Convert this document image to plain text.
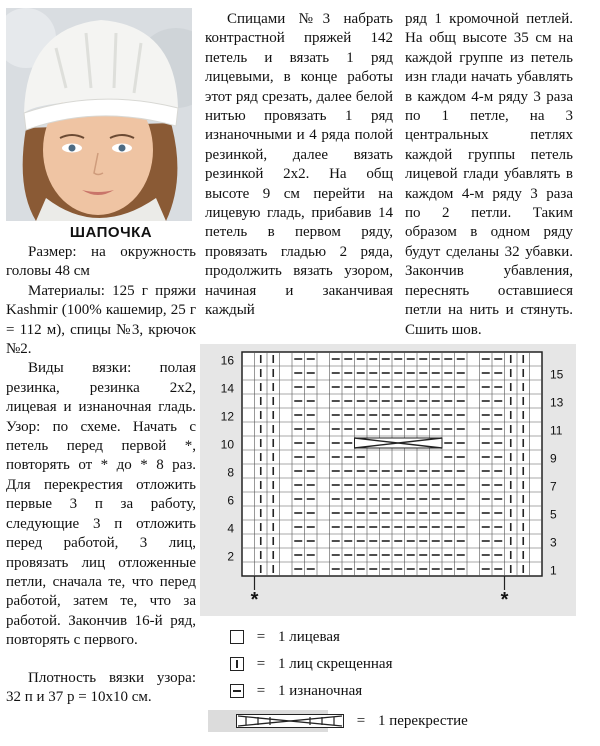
ШАПОЧКА

Размер: на окружность головы 48 см

Материалы: 125 г пряжи Kashmir (100% кашемир, 25 г = 112 м), спицы №3, крючок №2.

Виды вязки: полая резинка, резинка 2х2, лицевая и изнаночная гладь. Узор: по схеме. Начать с петель перед первой *, повторять от * до * 8 раз. Для перекрестия отложить первые 3 п за работу, следующие 3 п отложить перед работой, 3 лиц, провязать лиц отложенные петли, сначала те, что перед работой, затем те, что за работой. Закончив 16-й ряд, повторять с первого.

Плотность вязки узора: 32 п и 37 р = 10х10 см.

Спицами №3 набрать контрастной пряжей 142 петель и вязать 1 ряд лицевыми, в конце работы этот ряд срезать, далее белой нитью провязать 1 ряд изнаночными и 4 ряда полой резинкой, далее вязать резинкой 2х2. На общ высоте 9 см перейти на лицевую гладь, прибавив 14 петель в первом ряду, провязать гладью 2 ряда, продолжить вязать узором, начиная и заканчивая каждый

ряд 1 кромочной петлей. На общ высоте 35 см на каждой группе из петель изн глади начать убавлять в каждом 4-м ряду 3 раза по 1 петле, на 3 центральных петлях каждой группы петель лицевой глади убавлять в каждом 4-м ряду 3 раза по 2 петли. Таким образом в одном ряду будут сделаны 32 убавки. Закончив убавления, переснять оставшиеся петли на нить и стянуть. Сшить шов.

16
14
12
10
8
6
4
2
15
13
11
9
7
5
3
1
*	*
= 1 лицевая
= 1 лиц скрещенная
= 1 изнаночная
= 1 перекрестие
